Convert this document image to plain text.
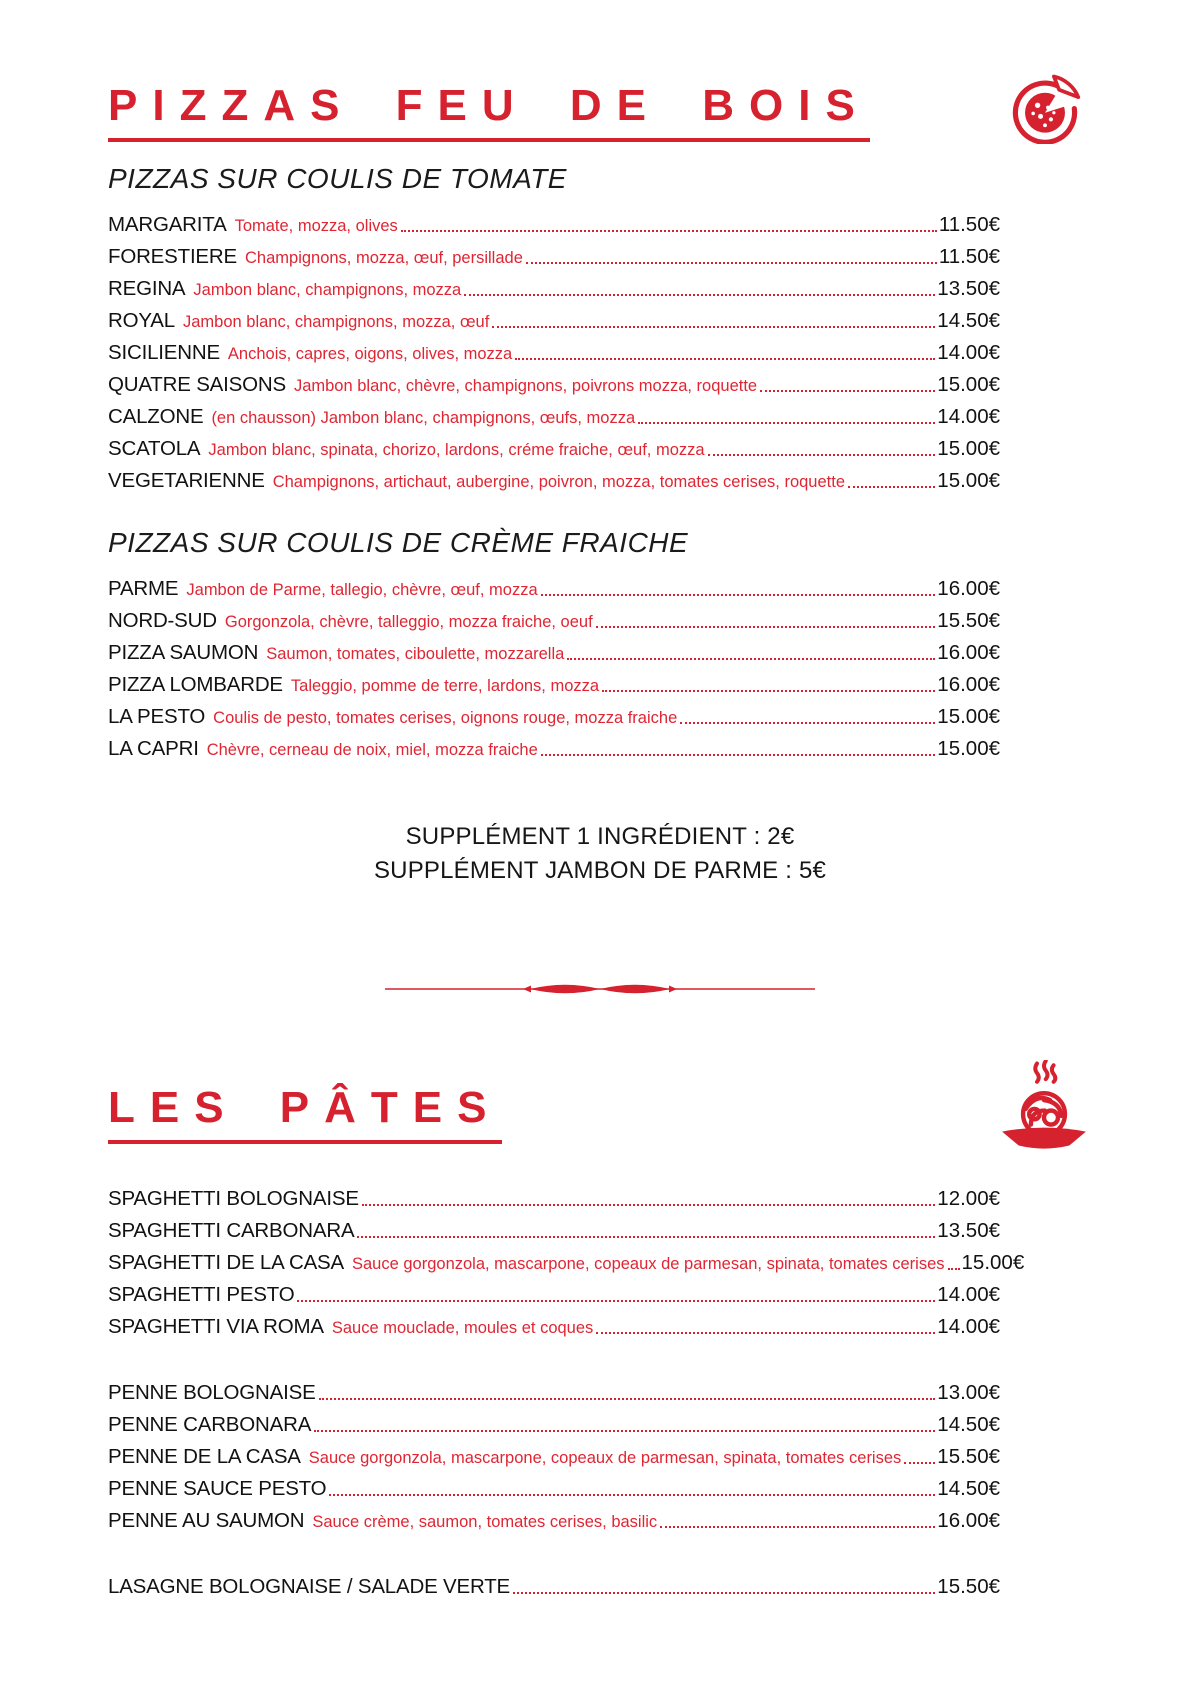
PIZZAS FEU DE BOIS
PIZZAS SUR COULIS DE TOMATE
MARGARITA Tomate, mozza, olives	11.50€
FORESTIERE Champignons, mozza, œuf, persillade	11.50€
REGINA Jambon blanc, champignons, mozza	13.50€
ROYAL Jambon blanc, champignons, mozza, œuf	14.50€
SICILIENNE Anchois, capres, oigons, olives, mozza	14.00€
QUATRE SAISONS Jambon blanc, chèvre, champignons, poivrons mozza, roquette	15.00€
CALZONE (en chausson) Jambon blanc, champignons, œufs, mozza	14.00€
SCATOLA Jambon blanc, spinata, chorizo, lardons, créme fraiche, œuf, mozza	15.00€
VEGETARIENNE Champignons, artichaut, aubergine, poivron, mozza, tomates cerises, roquette	15.00€
PIZZAS SUR COULIS DE CRÈME FRAICHE
PARME Jambon de Parme, tallegio, chèvre, œuf, mozza	16.00€
NORD-SUD Gorgonzola, chèvre, talleggio, mozza fraiche, oeuf	15.50€
PIZZA SAUMON Saumon, tomates, ciboulette, mozzarella	16.00€
PIZZA LOMBARDE Taleggio, pomme de terre, lardons, mozza	16.00€
LA PESTO Coulis de pesto, tomates cerises, oignons rouge, mozza fraiche	15.00€
LA CAPRI Chèvre, cerneau de noix, miel, mozza fraiche	15.00€
SUPPLÉMENT 1 INGRÉDIENT : 2€
SUPPLÉMENT JAMBON DE PARME : 5€
LES PÂTES
SPAGHETTI BOLOGNAISE	12.00€
SPAGHETTI CARBONARA	13.50€
SPAGHETTI DE LA CASA Sauce gorgonzola, mascarpone, copeaux de parmesan, spinata, tomates cerises 15.00€
SPAGHETTI PESTO	14.00€
SPAGHETTI VIA ROMA Sauce mouclade, moules et coques	14.00€
PENNE BOLOGNAISE	13.00€
PENNE CARBONARA	14.50€
PENNE DE LA CASA Sauce gorgonzola, mascarpone, copeaux de parmesan, spinata, tomates cerises 15.50€
PENNE SAUCE PESTO	14.50€
PENNE AU SAUMON Sauce crème, saumon, tomates cerises, basilic	16.00€
LASAGNE BOLOGNAISE / SALADE VERTE	15.50€
